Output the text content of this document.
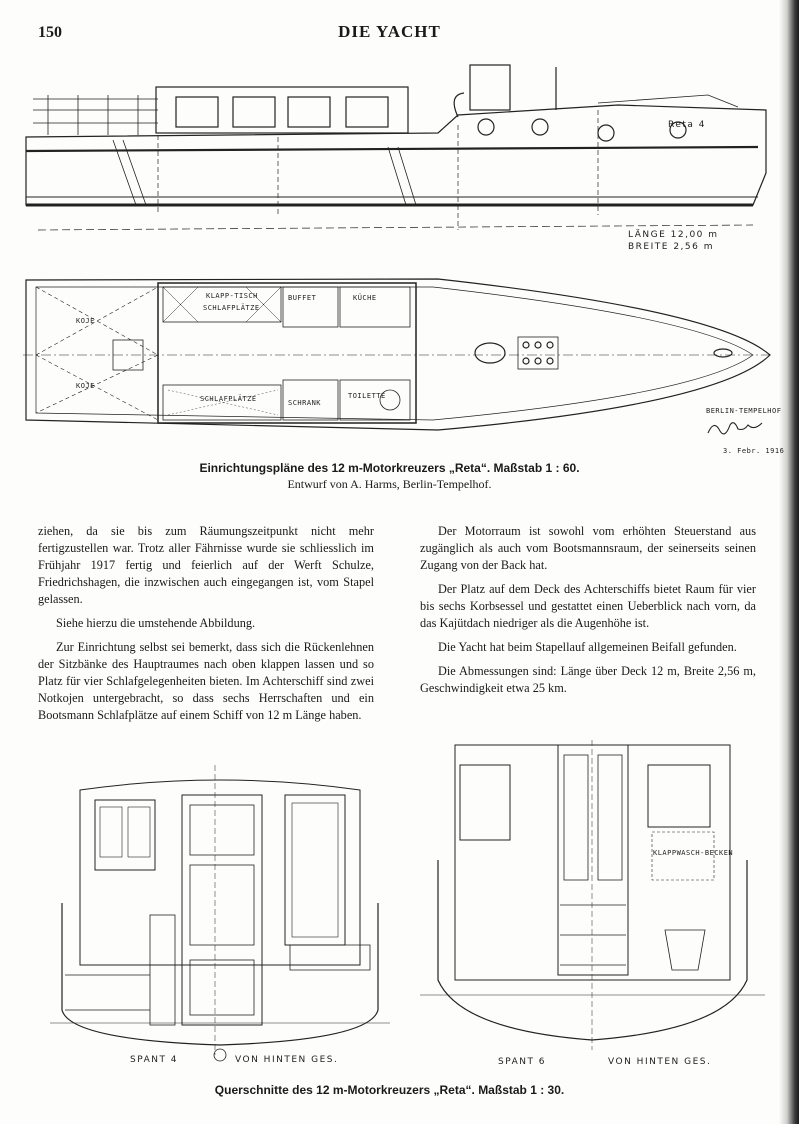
150	DIE YACHT
Reta 4
LÄNGE 12,00 m
BREITE 2,56 m
KLAPP-TISCH
SCHLAFPLÄTZE
BUFFET	KÜCHE
KOJE
KOJE
SCHLAFPLÄTZE	SCHRANK
TOILETTE
BERLIN-TEMPELHOF
3. Febr. 1916
Einrichtungspläne des 12 m-Motorkreuzers „Reta“. Maßstab 1 : 60.
Entwurf von A. Harms, Berlin-Tempelhof.

ziehen, da sie bis zum Räumungszeitpunkt nicht mehr fertigzustellen war. Trotz aller Fährnisse wurde sie schliesslich im Frühjahr 1917 fertig und feierlich auf der Werft Schulze, Friedrichshagen, die inzwischen auch eingegangen ist, vom Stapel gelassen.

Siehe hierzu die umstehende Abbildung.

Zur Einrichtung selbst sei bemerkt, dass sich die Rückenlehnen der Sitzbänke des Hauptraumes nach oben klappen lassen und so Platz für vier Schlafgelegenheiten bieten. Im Achterschiff sind zwei Notkojen untergebracht, so dass sechs Herrschaften und ein Bootsmann Schlafplätze auf einem Schiff von 12 m Länge haben.

Der Motorraum ist sowohl vom erhöhten Steuerstand aus zugänglich als auch vom Bootsmannsraum, der seinerseits seinen Zugang von der Back hat.

Der Platz auf dem Deck des Achterschiffs bietet Raum für vier bis sechs Korbsessel und gestattet einen Ueberblick nach vorn, da das Kajütdach niedriger als die Augenhöhe ist.

Die Yacht hat beim Stapellauf allgemeinen Beifall gefunden.

Die Abmessungen sind: Länge über Deck 12 m, Breite 2,56 m, Geschwindigkeit etwa 25 km.

SPANT 4	VON HINTEN GES.
KLAPPWASCH-BECKEN
SPANT 6	VON HINTEN GES.
Querschnitte des 12 m-Motorkreuzers „Reta“. Maßstab 1 : 30.
